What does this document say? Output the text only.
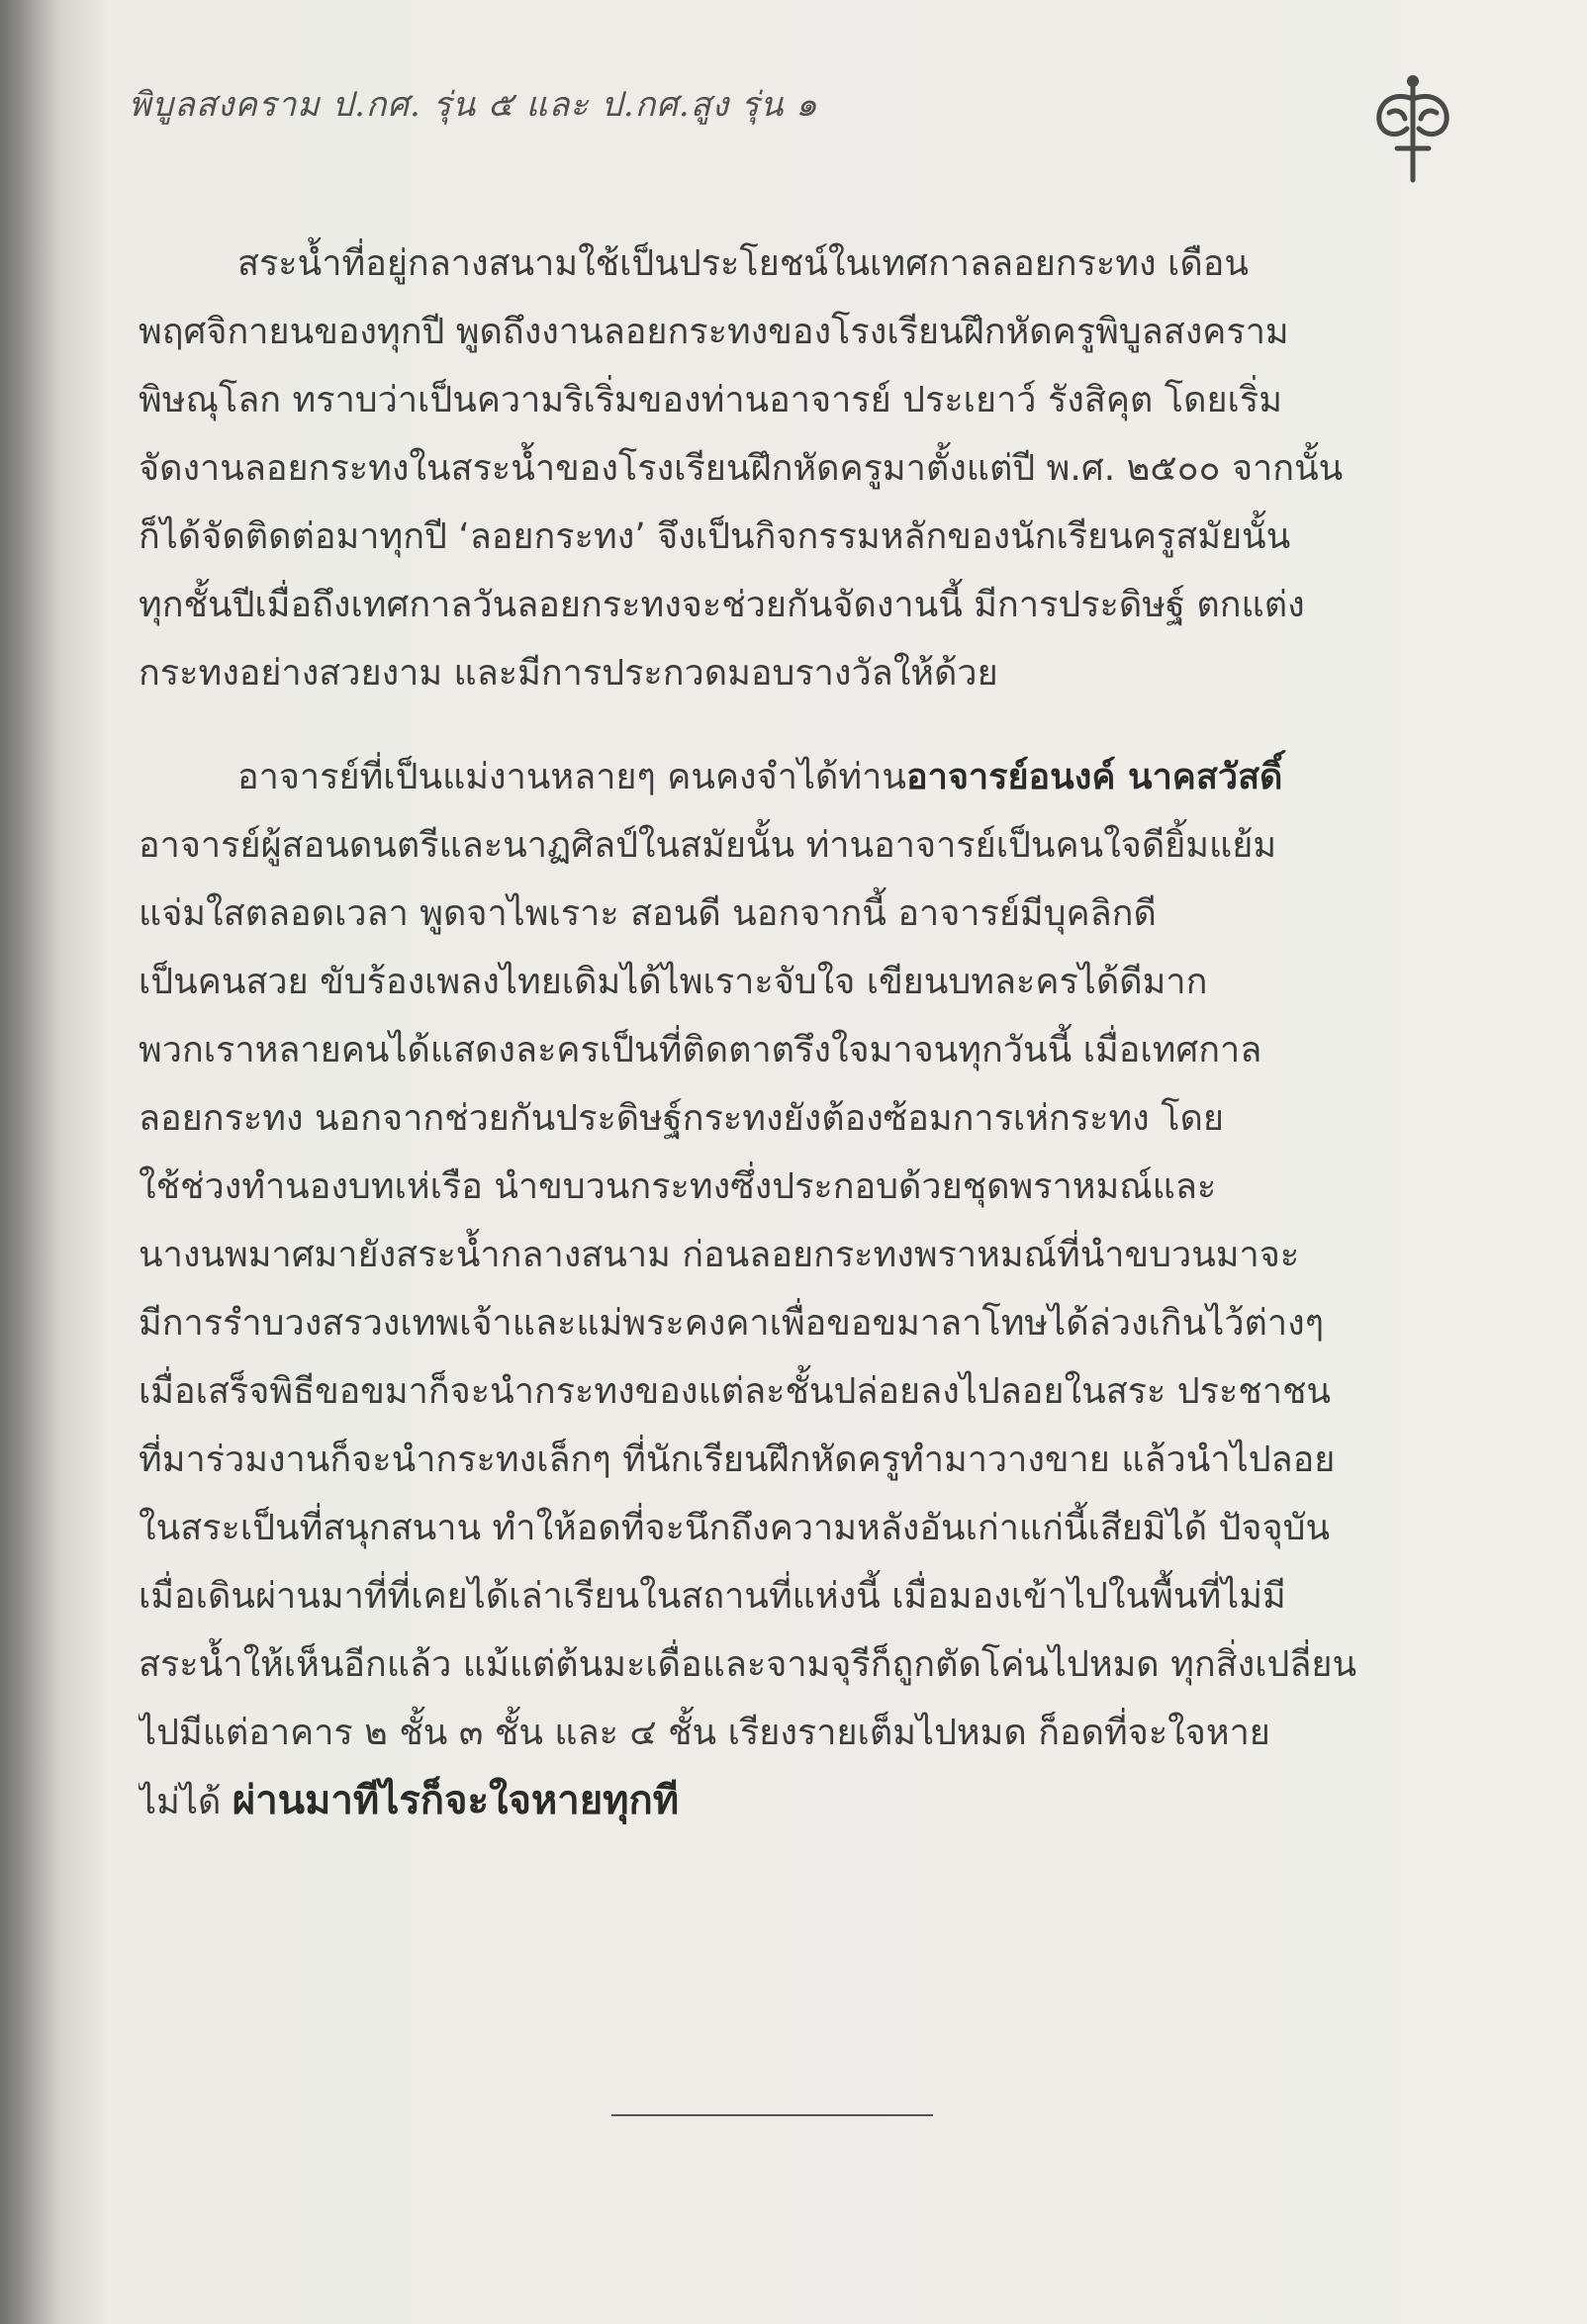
พิบูลสงคราม ป.กศ. รุ่น ๕ และ ป.กศ.สูง รุ่น ๑
สระน้ำที่อยู่กลางสนามใช้เป็นประโยชน์ในเทศกาลลอยกระทง เดือน
พฤศจิกายนของทุกปี พูดถึงงานลอยกระทงของโรงเรียนฝึกหัดครูพิบูลสงคราม
พิษณุโลก ทราบว่าเป็นความริเริ่มของท่านอาจารย์ ประเยาว์ รังสิคุต โดยเริ่ม
จัดงานลอยกระทงในสระน้ำของโรงเรียนฝึกหัดครูมาตั้งแต่ปี พ.ศ. ๒๕๐๐ จากนั้น
ก็ได้จัดติดต่อมาทุกปี ‘ลอยกระทง’ จึงเป็นกิจกรรมหลักของนักเรียนครูสมัยนั้น
ทุกชั้นปีเมื่อถึงเทศกาลวันลอยกระทงจะช่วยกันจัดงานนี้ มีการประดิษฐ์ ตกแต่ง
กระทงอย่างสวยงาม และมีการประกวดมอบรางวัลให้ด้วย
อาจารย์ที่เป็นแม่งานหลายๆ คนคงจำได้ท่านอาจารย์อนงค์ นาคสวัสดิ์
อาจารย์ผู้สอนดนตรีและนาฏศิลป์ในสมัยนั้น ท่านอาจารย์เป็นคนใจดียิ้มแย้ม
แจ่มใสตลอดเวลา พูดจาไพเราะ สอนดี นอกจากนี้ อาจารย์มีบุคลิกดี
เป็นคนสวย ขับร้องเพลงไทยเดิมได้ไพเราะจับใจ เขียนบทละครได้ดีมาก
พวกเราหลายคนได้แสดงละครเป็นที่ติดตาตรึงใจมาจนทุกวันนี้ เมื่อเทศกาล
ลอยกระทง นอกจากช่วยกันประดิษฐ์กระทงยังต้องซ้อมการเห่กระทง โดย
ใช้ช่วงทำนองบทเห่เรือ นำขบวนกระทงซึ่งประกอบด้วยชุดพราหมณ์และ
นางนพมาศมายังสระน้ำกลางสนาม ก่อนลอยกระทงพราหมณ์ที่นำขบวนมาจะ
มีการรำบวงสรวงเทพเจ้าและแม่พระคงคาเพื่อขอขมาลาโทษได้ล่วงเกินไว้ต่างๆ
เมื่อเสร็จพิธีขอขมาก็จะนำกระทงของแต่ละชั้นปล่อยลงไปลอยในสระ ประชาชน
ที่มาร่วมงานก็จะนำกระทงเล็กๆ ที่นักเรียนฝึกหัดครูทำมาวางขาย แล้วนำไปลอย
ในสระเป็นที่สนุกสนาน ทำให้อดที่จะนึกถึงความหลังอันเก่าแก่นี้เสียมิได้ ปัจจุบัน
เมื่อเดินผ่านมาที่ที่เคยได้เล่าเรียนในสถานที่แห่งนี้ เมื่อมองเข้าไปในพื้นที่ไม่มี
สระน้ำให้เห็นอีกแล้ว แม้แต่ต้นมะเดื่อและจามจุรีก็ถูกตัดโค่นไปหมด ทุกสิ่งเปลี่ยน
ไปมีแต่อาคาร ๒ ชั้น ๓ ชั้น และ ๔ ชั้น เรียงรายเต็มไปหมด ก็อดที่จะใจหาย
ไม่ได้ ผ่านมาทีไรก็จะใจหายทุกที
